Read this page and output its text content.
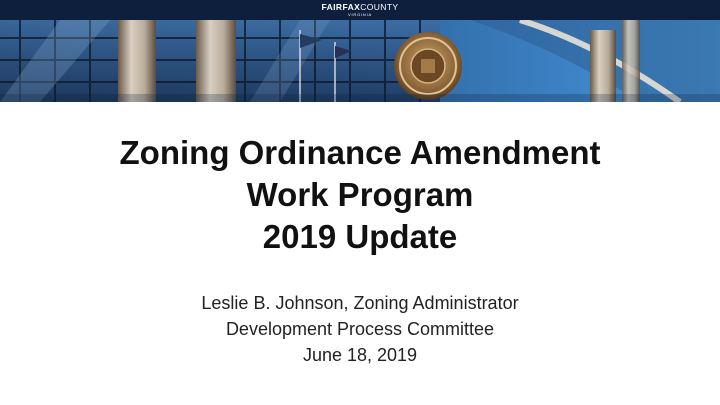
FAIRFAXCOUNTY
VIRGINIA
Zoning Ordinance Amendment
Work Program
2019 Update
Leslie B. Johnson, Zoning Administrator
Development Process Committee
June 18, 2019
